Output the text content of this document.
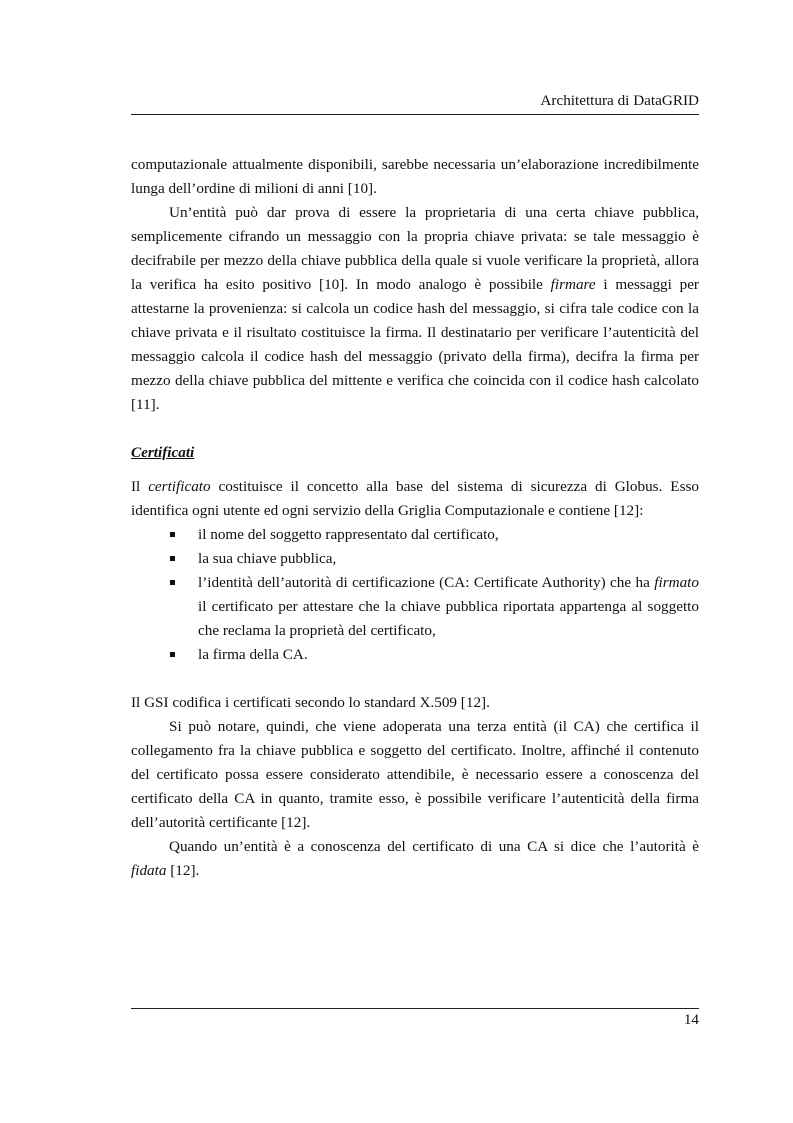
Architettura di DataGRID

computazionale attualmente disponibili, sarebbe necessaria un’elaborazione incredibilmente lunga dell’ordine di milioni di anni [10].

Un’entità può dar prova di essere la proprietaria di una certa chiave pubblica, semplicemente cifrando un messaggio con la propria chiave privata: se tale messaggio è decifrabile per mezzo della chiave pubblica della quale si vuole verificare la proprietà, allora la verifica ha esito positivo [10]. In modo analogo è possibile firmare i messaggi per attestarne la provenienza: si calcola un codice hash del messaggio, si cifra tale codice con la chiave privata e il risultato costituisce la firma. Il destinatario per verificare l’autenticità del messaggio calcola il codice hash del messaggio (privato della firma), decifra la firma per mezzo della chiave pubblica del mittente e verifica che coincida con il codice hash calcolato [11].

Certificati

Il certificato costituisce il concetto alla base del sistema di sicurezza di Globus. Esso identifica ogni utente ed ogni servizio della Griglia Computazionale e contiene [12]:

il nome del soggetto rappresentato dal certificato,
la sua chiave pubblica,
l’identità dell’autorità di certificazione (CA: Certificate Authority) che ha firmato il certificato per attestare che la chiave pubblica riportata appartenga al soggetto che reclama la proprietà del certificato,
la firma della CA.

Il GSI codifica i certificati secondo lo standard X.509 [12].

Si può notare, quindi, che viene adoperata una terza entità (il CA) che certifica il collegamento fra la chiave pubblica e soggetto del certificato. Inoltre, affinché il contenuto del certificato possa essere considerato attendibile, è necessario essere a conoscenza del certificato della CA in quanto, tramite esso, è possibile verificare l’autenticità della firma dell’autorità certificante [12].

Quando un’entità è a conoscenza del certificato di una CA si dice che l’autorità è fidata [12].

14
